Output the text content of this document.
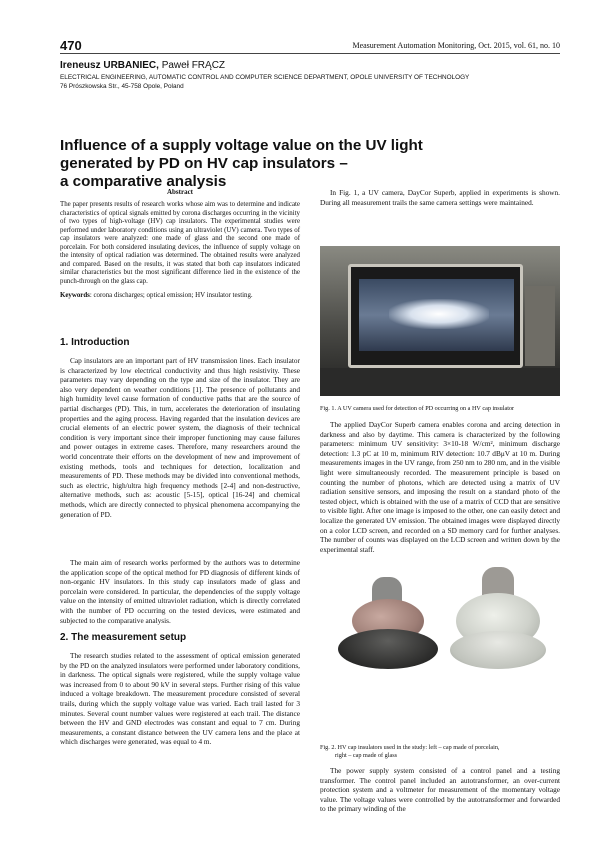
470	Measurement Automation Monitoring, Oct. 2015, vol. 61, no. 10
Ireneusz URBANIEC, Paweł FRĄCZ
ELECTRICAL ENGINEERING, AUTOMATIC CONTROL AND COMPUTER SCIENCE DEPARTMENT, OPOLE UNIVERSITY OF TECHNOLOGY
76 Prószkowska Str., 45-758 Opole, Poland
Influence of a supply voltage value on the UV light
generated by PD on HV cap insulators –
a comparative analysis
Abstract
The paper presents results of research works whose aim was to determine and indicate characteristics of optical signals emitted by corona discharges occurring in the vicinity of two types of high-voltage (HV) cap insulators. The experimental studies were performed under laboratory conditions using an ultraviolet (UV) camera. Two types of cap insulators were analyzed: one made of glass and the second one made of porcelain. For both considered insulating devices, the influence of supply voltage on the intensity of optical radiation was determined. The obtained results were analyzed and compared. Based on the results, it was stated that both cap insulators indicated similar characteristics but the most significant difference lied in the existence of the punch-through on the glass cap.
Keywords: corona discharges; optical emission; HV insulator testing.
1. Introduction
Cap insulators are an important part of HV transmission lines. Each insulator is characterized by low electrical conductivity and thus high resistivity. These parameters may vary depending on the type and size of the insulator. They are also very dependent on weather conditions [1]. The presence of pollutants and high humidity level cause formation of conductive paths that are the source of partial discharges (PD). This, in turn, accelerates the deterioration of insulating properties and the aging process. Having regarded that the insulation devices are crucial elements of an electric power system, the diagnosis of their technical condition is very important since their improper functioning may cause failures and power outages in extreme cases. Therefore, many researchers around the world concentrate their efforts on the development of new and improvement of existing methods, tools and techniques for detection, localization and measurements of PD. These methods may be divided into conventional methods, such as electric, high/ultra high frequency methods [2-4] and non-destructive, alternative methods, such as: acoustic [5-15], optical [16-24] and chemical methods, which are directly connected to physical phenomena accompanying the generation of PD.
The main aim of research works performed by the authors was to determine the application scope of the optical method for PD diagnosis of different kinds of non-organic HV insulators. In this study cap insulators made of glass and porcelain were considered. In particular, the dependencies of the supply voltage value on the intensity of emitted ultraviolet radiation, which is directly correlated with the number of PD occurring on the tested devices, were estimated and subjected to the comparative analysis.
2. The measurement setup
The research studies related to the assessment of optical emission generated by the PD on the analyzed insulators were performed under laboratory conditions, in darkness. The optical signals were registered, while the supply voltage value was increased from 0 to about 90 kV in several steps. Further rising of this value induced a voltage breakdown. The measurement procedure consisted of several trails, during which the supply voltage value was varied. Each trail lasted for 3 minutes. Several count number values were registered at each trail. The distance between the HV and GND electrodes was constant and equal to 7 cm. During measurements, a constant distance between the UV camera lens and the place at which discharges were generated, was equal to 4 m.
In Fig. 1, a UV camera, DayCor Superb, applied in experiments is shown. During all measurement trails the same camera settings were maintained.
Fig. 1. A UV camera used for detection of PD occurring on a HV cap insulator
The applied DayCor Superb camera enables corona and arcing detection in darkness and also by daytime. This camera is characterized by the following parameters: minimum UV sensitivity: 3×10-18 W/cm², minimum discharge detection: 1.3 pC at 10 m, minimum RIV detection: 10.7 dBμV at 10 m. During measurements images in the UV range, from 250 nm to 280 nm, and in the visible light were simultaneously recorded. The measurement principle is based on counting the number of photons, which are detected using a matrix of UV radiation sensitive sensors, and imposing the result on a standard photo of the tested object, which is obtained with the use of a matrix of CCD that are sensitive to visible light. After one image is imposed to the other, one can easily detect and localize the generated UV emission. The obtained images were displayed directly on a color LCD screen, and recorded on a SD memory card for further analyses. The number of counts was displayed on the LCD screen and written down by the experimental staff.
Fig. 2. HV cap insulators used in the study: left – cap made of porcelain,
right – cap made of glass
The power supply system consisted of a control panel and a testing transformer. The control panel included an autotransformer, an over-current protection system and a voltmeter for measurement of the momentary voltage value. The voltage values were controlled by the autotransformer and forwarded to the primary winding of the
